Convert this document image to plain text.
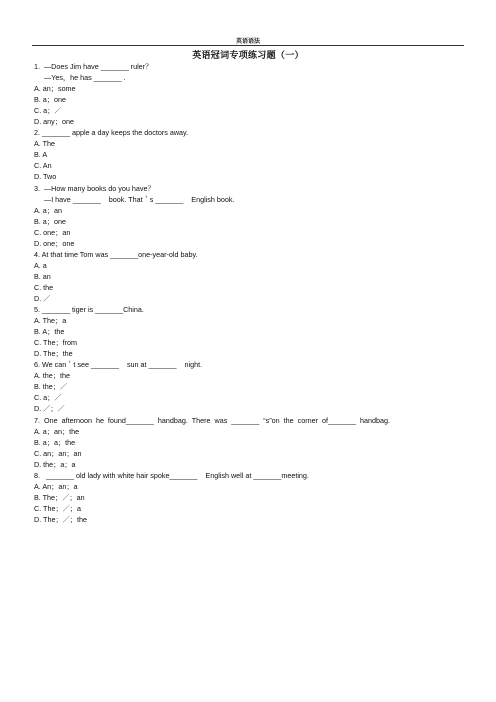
英语语法
英语冠词专项练习题（一）
1.  —Does Jim have _______ ruler？
—Yes，he has _______ .
A. an；some
B. a；one
C. a；／
D. any；one
2. _______ apple a day keeps the doctors away.
A. The
B. A
C. An
D. Two
3.  —How many books do you have？
—I have _______    book. That＇s _______    English book.
A. a；an
B. a；one
C. one；an
D. one；one
4. At that time Tom was _______one-year-old baby.
A. a
B. an
C. the
D. ／
5. _______ tiger is _______China.
A. The；a
B. A；the
C. The；from
D. The；the
6. We can＇t see _______    sun at _______    night.
A. the；the
B. the；／
C. a；／
D. ／；／
7. One afternoon he found_______ handbag. There was _______ “s”on the corner of_______ handbag.
A. a；an；the
B. a；a；the
C. an；an；an
D. the；a；a
8.   _______ old lady with white hair spoke_______    English well at _______meeting.
A. An；an；a
B. The；／；an
C. The；／；a
D. The；／；the
